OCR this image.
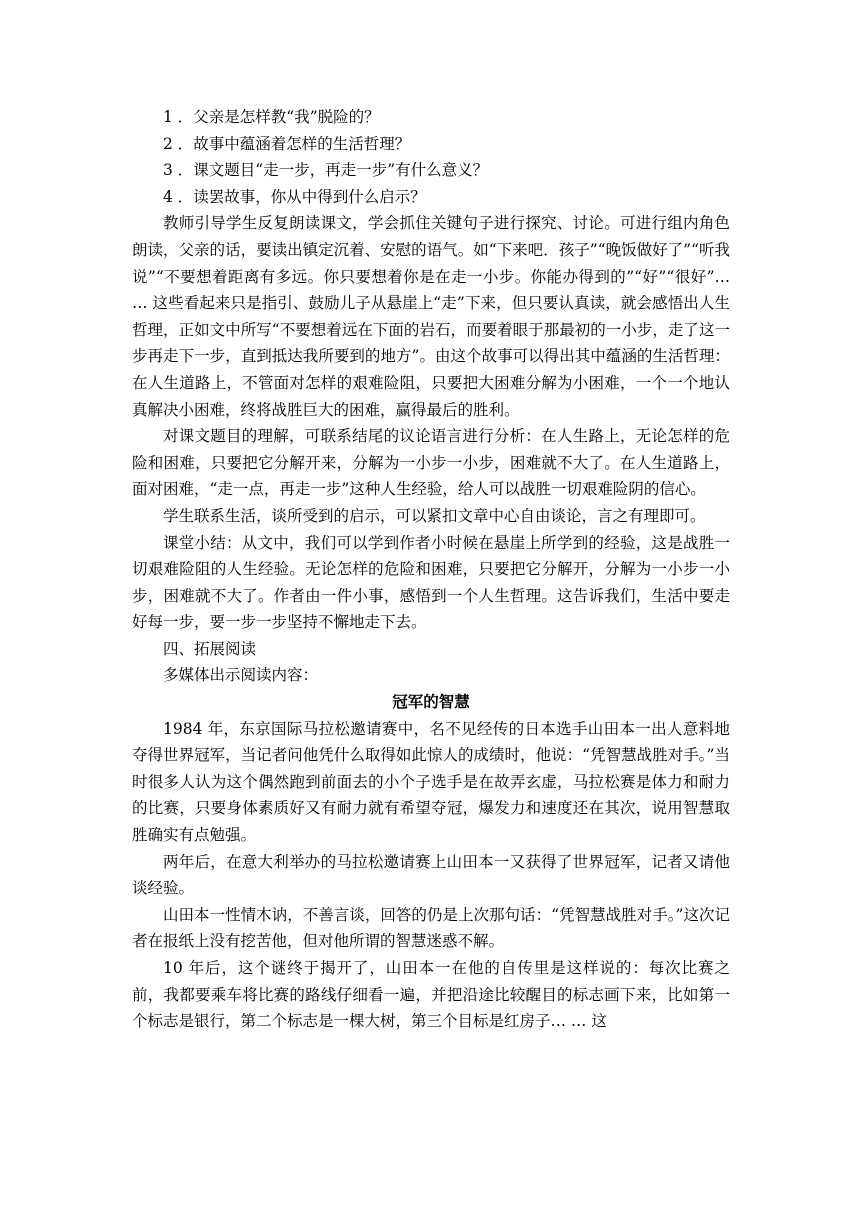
1 ．父亲是怎样教“我”脱险的？

2 ．故事中蕴涵着怎样的生活哲理？

3 ．课文题目“走一步，再走一步”有什么意义？

4 ．读罢故事，你从中得到什么启示？

教师引导学生反复朗读课文，学会抓住关键句子进行探究、讨论。可进行组内角色朗读，父亲的话，要读出镇定沉着、安慰的语气。如“下来吧．孩子”“晚饭做好了”“听我说”“不要想着距离有多远。你只要想着你是在走一小步。你能办得到的”“好”“很好”… … 这些看起来只是指引、鼓励儿子从悬崖上“走”下来，但只要认真读，就会感悟出人生哲理，正如文中所写“不要想着远在下面的岩石，而要着眼于那最初的一小步，走了这一步再走下一步，直到抵达我所要到的地方”。由这个故事可以得出其中蕴涵的生活哲理：在人生道路上，不管面对怎样的艰难险阻，只要把大困难分解为小困难，一个一个地认真解决小困难，终将战胜巨大的困难，赢得最后的胜利。

对课文题目的理解，可联系结尾的议论语言进行分析：在人生路上，无论怎样的危险和困难，只要把它分解开来，分解为一小步一小步，困难就不大了。在人生道路上，面对困难，“走一点，再走一步”这种人生经验，给人可以战胜一切艰难险阴的信心。

学生联系生活，谈所受到的启示，可以紧扣文章中心自由谈论，言之有理即可。

课堂小结：从文中，我们可以学到作者小时候在悬崖上所学到的经验，这是战胜一切艰难险阻的人生经验。无论怎样的危险和困难，只要把它分解开，分解为一小步一小步，困难就不大了。作者由一件小事，感悟到一个人生哲理。这告诉我们，生活中要走好每一步，要一步一步坚持不懈地走下去。

四、拓展阅读

多媒体出示阅读内容：

冠军的智慧

1984 年，东京国际马拉松邀请赛中，名不见经传的日本选手山田本一出人意料地夺得世界冠军，当记者问他凭什么取得如此惊人的成绩时，他说：“凭智慧战胜对手。”当时很多人认为这个偶然跑到前面去的小个子选手是在故弄玄虚，马拉松赛是体力和耐力的比赛，只要身体素质好又有耐力就有希望夺冠，爆发力和速度还在其次，说用智慧取胜确实有点勉强。

两年后，在意大利举办的马拉松邀请赛上山田本一又获得了世界冠军，记者又请他谈经验。

山田本一性情木讷，不善言谈，回答的仍是上次那句话：“凭智慧战胜对手。”这次记者在报纸上没有挖苦他，但对他所谓的智慧迷惑不解。

10 年后，这个谜终于揭开了，山田本一在他的自传里是这样说的：每次比赛之前，我都要乘车将比赛的路线仔细看一遍，并把沿途比较醒目的标志画下来，比如第一个标志是银行，第二个标志是一棵大树，第三个目标是红房子… … 这
